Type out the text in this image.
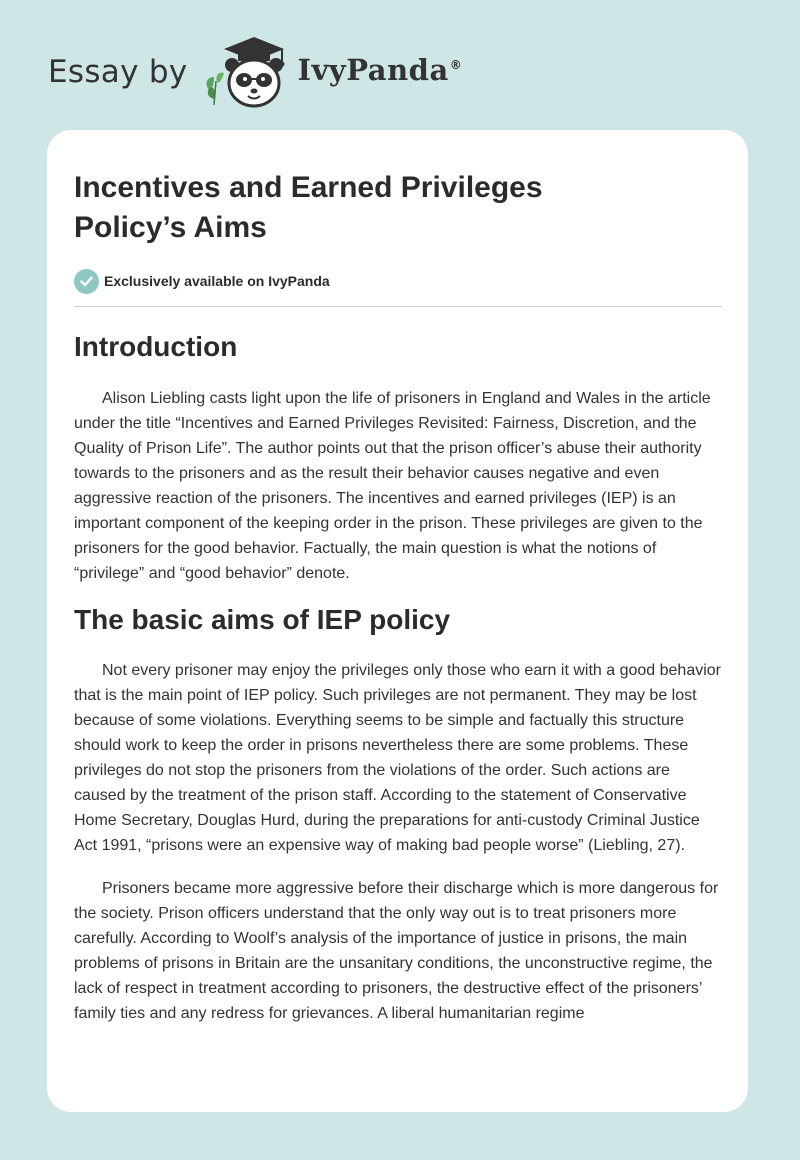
Essay by	IvyPanda®
Incentives and Earned Privileges Policy’s Aims
Exclusively available on IvyPanda
Introduction

Alison Liebling casts light upon the life of prisoners in England and Wales in the article under the title “Incentives and Earned Privileges Revisited: Fairness, Discretion, and the Quality of Prison Life”. The author points out that the prison officer’s abuse their authority towards to the prisoners and as the result their behavior causes negative and even aggressive reaction of the prisoners. The incentives and earned privileges (IEP) is an important component of the keeping order in the prison. These privileges are given to the prisoners for the good behavior. Factually, the main question is what the notions of “privilege” and “good behavior” denote.

The basic aims of IEP policy

Not every prisoner may enjoy the privileges only those who earn it with a good behavior that is the main point of IEP policy. Such privileges are not permanent. They may be lost because of some violations. Everything seems to be simple and factually this structure should work to keep the order in prisons nevertheless there are some problems. These privileges do not stop the prisoners from the violations of the order. Such actions are caused by the treatment of the prison staff. According to the statement of Conservative Home Secretary, Douglas Hurd, during the preparations for anti-custody Criminal Justice Act 1991, “prisons were an expensive way of making bad people worse” (Liebling, 27).

Prisoners became more aggressive before their discharge which is more dangerous for the society. Prison officers understand that the only way out is to treat prisoners more carefully. According to Woolf’s analysis of the importance of justice in prisons, the main problems of prisons in Britain are the unsanitary conditions, the unconstructive regime, the lack of respect in treatment according to prisoners, the destructive effect of the prisoners’ family ties and any redress for grievances. A liberal humanitarian regime
